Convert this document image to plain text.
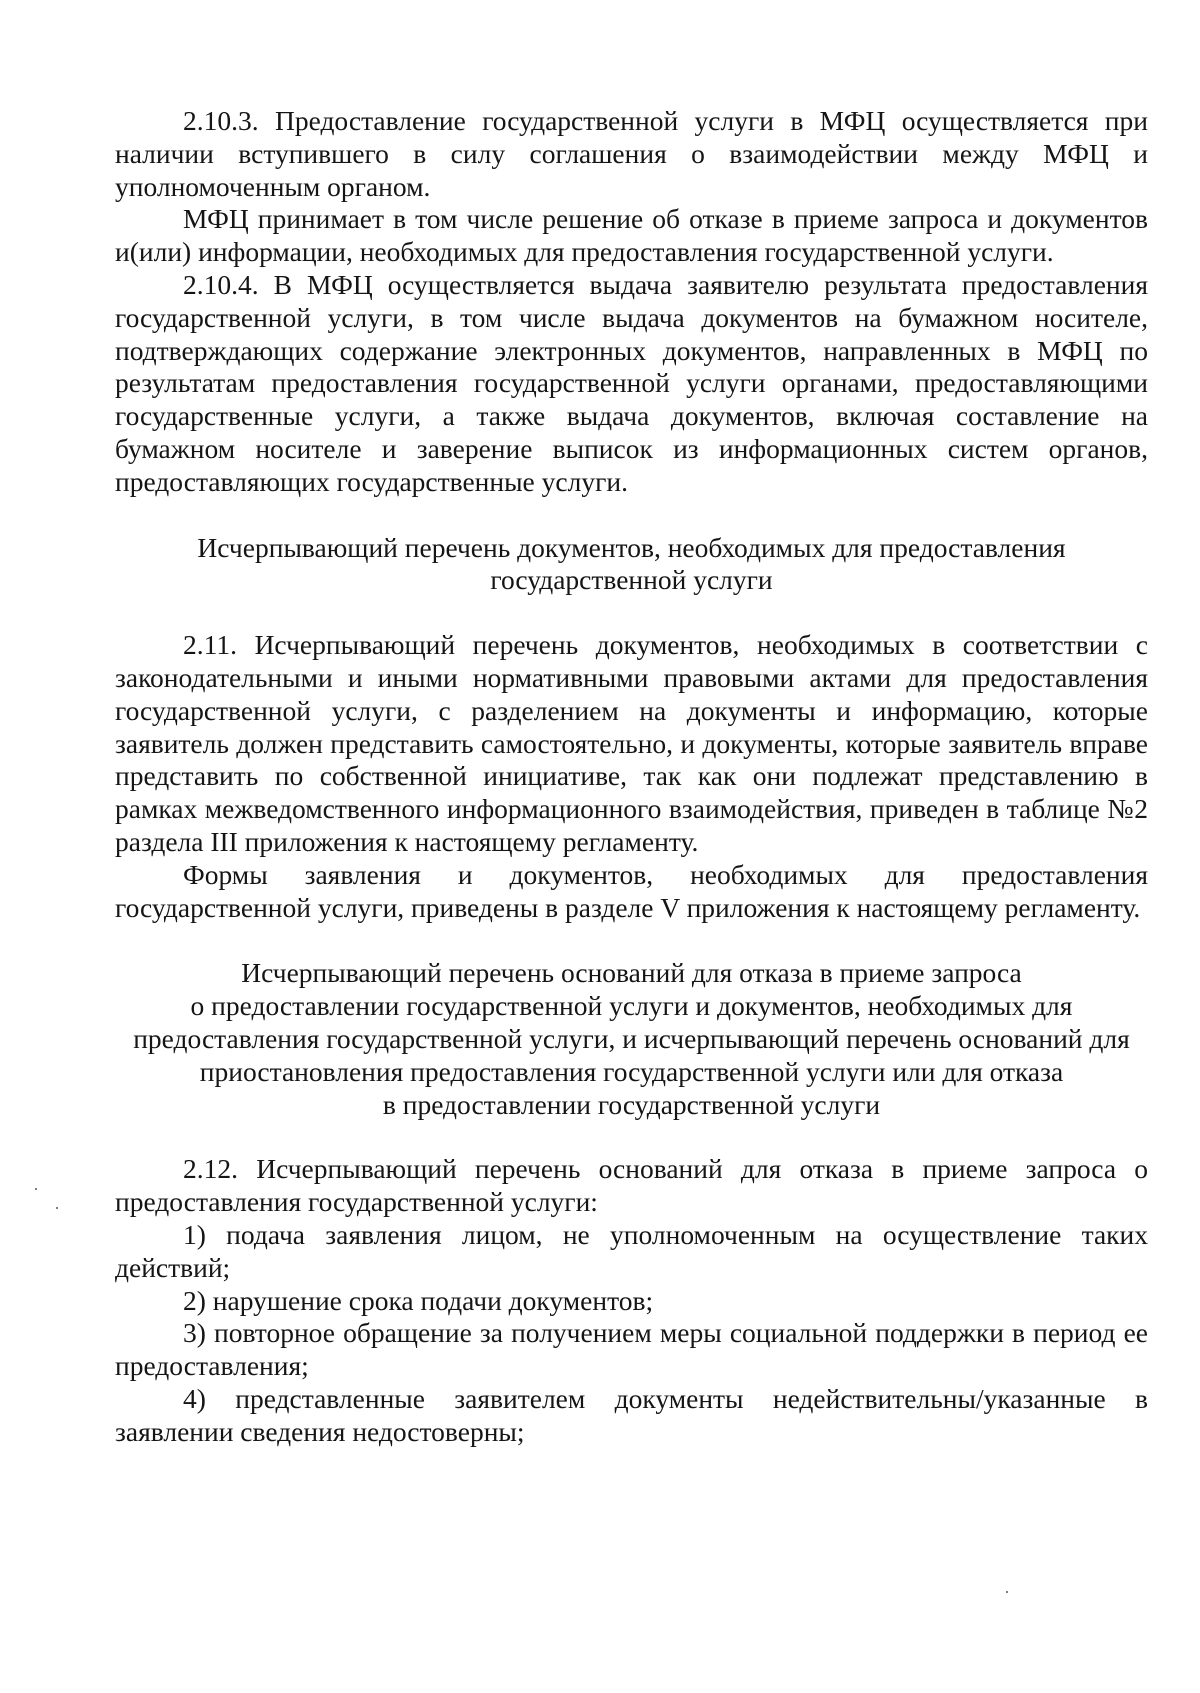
2.10.3. Предоставление государственной услуги в МФЦ осуществляется при наличии вступившего в силу соглашения о взаимодействии между МФЦ и уполномоченным органом.

МФЦ принимает в том числе решение об отказе в приеме запроса и документов и(или) информации, необходимых для предоставления государственной услуги.

2.10.4. В МФЦ осуществляется выдача заявителю результата предоставления государственной услуги, в том числе выдача документов на бумажном носителе, подтверждающих содержание электронных документов, направленных в МФЦ по результатам предоставления государственной услуги органами, предоставляющими государственные услуги, а также выдача документов, включая составление на бумажном носителе и заверение выписок из информационных систем органов, предоставляющих государственные услуги.

Исчерпывающий перечень документов, необходимых для предоставления
государственной услуги

2.11. Исчерпывающий перечень документов, необходимых в соответствии с законодательными и иными нормативными правовыми актами для предоставления государственной услуги, с разделением на документы и информацию, которые заявитель должен представить самостоятельно, и документы, которые заявитель вправе представить по собственной инициативе, так как они подлежат представлению в рамках межведомственного информационного взаимодействия, приведен в таблице №2 раздела III приложения к настоящему регламенту.

Формы заявления и документов, необходимых для предоставления государственной услуги, приведены в разделе V приложения к настоящему регламенту.

Исчерпывающий перечень оснований для отказа в приеме запроса
о предоставлении государственной услуги и документов, необходимых для
предоставления государственной услуги, и исчерпывающий перечень оснований для
приостановления предоставления государственной услуги или для отказа
в предоставлении государственной услуги

2.12. Исчерпывающий перечень оснований для отказа в приеме запроса о предоставления государственной услуги:

1) подача заявления лицом, не уполномоченным на осуществление таких действий;

2) нарушение срока подачи документов;

3) повторное обращение за получением меры социальной поддержки в период ее предоставления;

4) представленные заявителем документы недействительны/указанные в заявлении сведения недостоверны;
